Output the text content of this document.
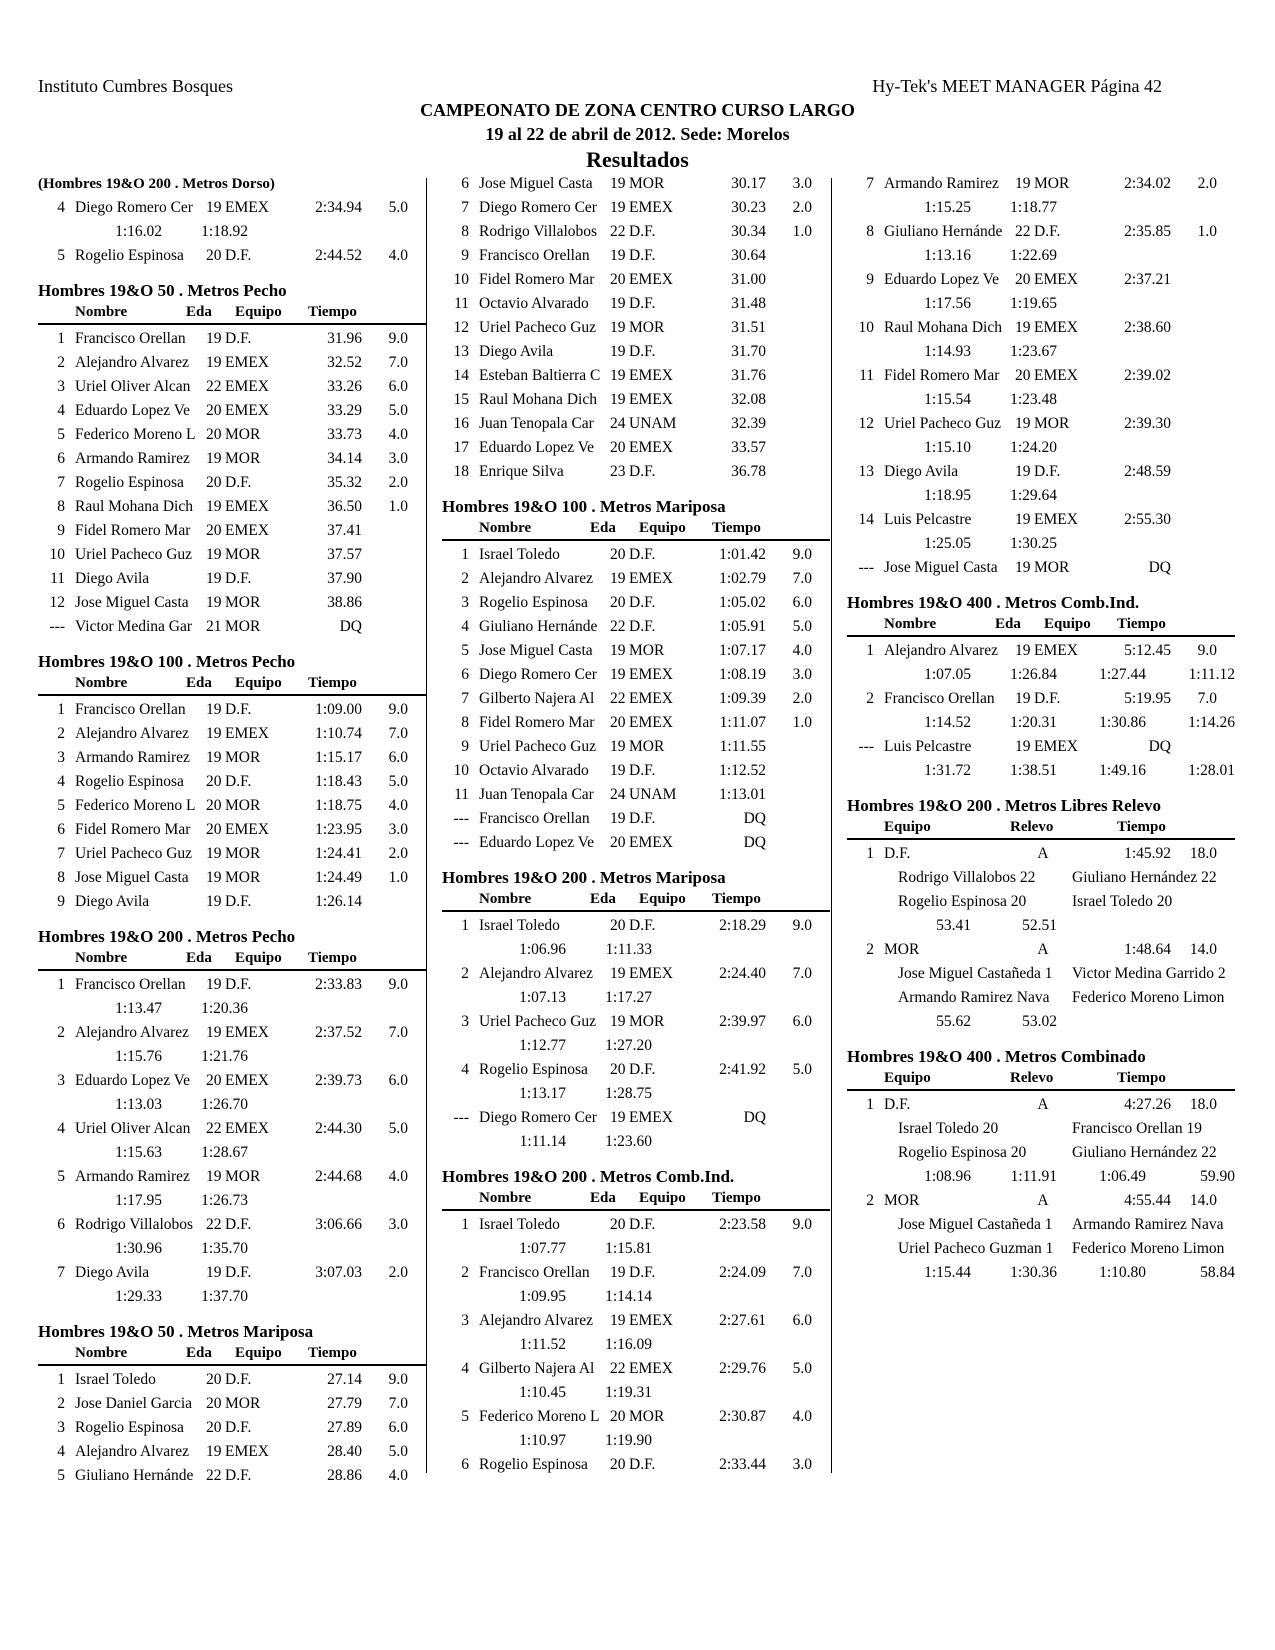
Instituto Cumbres Bosques	Hy-Tek's MEET MANAGER Página 42
CAMPEONATO DE ZONA CENTRO CURSO LARGO
19 al 22 de abril de 2012. Sede: Morelos
Resultados
(Hombres 19&O 200 . Metros Dorso)
4 Diego Romero Cer 19 EMEX	2:34.94 5.0
1:16.02	1:18.92
5 Rogelio Espinosa	20 D.F.	2:44.52 4.0
Hombres 19&O 50 . Metros Pecho
Nombre	Eda Equipo Tiempo
1 Francisco Orellan	19 D.F.	31.96 9.0
2 Alejandro Alvarez	19 EMEX	32.52 7.0
3 Uriel Oliver Alcan	22 EMEX	33.26 6.0
4 Eduardo Lopez Ve	20 EMEX	33.29 5.0
5 Federico Moreno L 20 MOR	33.73 4.0
6 Armando Ramirez	19 MOR	34.14 3.0
7 Rogelio Espinosa	20 D.F.	35.32 2.0
8 Raul Mohana Dich 19 EMEX	36.50 1.0
9 Fidel Romero Mar	20 EMEX	37.41
10 Uriel Pacheco Guz 19 MOR	37.57
11 Diego Avila	19 D.F.	37.90
12 Jose Miguel Casta	19 MOR	38.86
--- Victor Medina Gar 21 MOR	DQ
Hombres 19&O 100 . Metros Pecho
Nombre	Eda Equipo Tiempo
1 Francisco Orellan	19 D.F.	1:09.00 9.0
2 Alejandro Alvarez	19 EMEX	1:10.74 7.0
3 Armando Ramirez	19 MOR	1:15.17 6.0
4 Rogelio Espinosa	20 D.F.	1:18.43 5.0
5 Federico Moreno L 20 MOR	1:18.75 4.0
6 Fidel Romero Mar	20 EMEX	1:23.95 3.0
7 Uriel Pacheco Guz 19 MOR	1:24.41 2.0
8 Jose Miguel Casta	19 MOR	1:24.49 1.0
9 Diego Avila	19 D.F.	1:26.14
Hombres 19&O 200 . Metros Pecho
Nombre	Eda Equipo Tiempo
1 Francisco Orellan	19 D.F.	2:33.83 9.0
1:13.47	1:20.36
2 Alejandro Alvarez	19 EMEX	2:37.52 7.0
1:15.76	1:21.76
3 Eduardo Lopez Ve	20 EMEX	2:39.73 6.0
1:13.03	1:26.70
4 Uriel Oliver Alcan	22 EMEX	2:44.30 5.0
1:15.63	1:28.67
5 Armando Ramirez	19 MOR	2:44.68 4.0
1:17.95	1:26.73
6 Rodrigo Villalobos 22 D.F.	3:06.66 3.0
1:30.96	1:35.70
7 Diego Avila	19 D.F.	3:07.03 2.0
1:29.33	1:37.70
Hombres 19&O 50 . Metros Mariposa
Nombre	Eda Equipo Tiempo
1 Israel Toledo	20 D.F.	27.14 9.0
2 Jose Daniel Garcia 20 MOR	27.79 7.0
3 Rogelio Espinosa	20 D.F.	27.89 6.0
4 Alejandro Alvarez	19 EMEX	28.40 5.0
5 Giuliano Hernánde 22 D.F.	28.86 4.0
6 Jose Miguel Casta	19 MOR	30.17 3.0
7 Diego Romero Cer 19 EMEX	30.23 2.0
8 Rodrigo Villalobos 22 D.F.	30.34 1.0
9 Francisco Orellan	19 D.F.	30.64
10 Fidel Romero Mar	20 EMEX	31.00
11 Octavio Alvarado	19 D.F.	31.48
12 Uriel Pacheco Guz 19 MOR	31.51
13 Diego Avila	19 D.F.	31.70
14 Esteban Baltierra C 19 EMEX	31.76
15 Raul Mohana Dich 19 EMEX	32.08
16 Juan Tenopala Car	24 UNAM	32.39
17 Eduardo Lopez Ve	20 EMEX	33.57
18 Enrique Silva	23 D.F.	36.78
Hombres 19&O 100 . Metros Mariposa
Nombre	Eda Equipo Tiempo
1 Israel Toledo	20 D.F.	1:01.42 9.0
2 Alejandro Alvarez	19 EMEX	1:02.79 7.0
3 Rogelio Espinosa	20 D.F.	1:05.02 6.0
4 Giuliano Hernánde 22 D.F.	1:05.91 5.0
5 Jose Miguel Casta	19 MOR	1:07.17 4.0
6 Diego Romero Cer 19 EMEX	1:08.19 3.0
7 Gilberto Najera Al	22 EMEX	1:09.39 2.0
8 Fidel Romero Mar	20 EMEX	1:11.07 1.0
9 Uriel Pacheco Guz 19 MOR	1:11.55
10 Octavio Alvarado	19 D.F.	1:12.52
11 Juan Tenopala Car	24 UNAM	1:13.01
--- Francisco Orellan	19 D.F.	DQ
--- Eduardo Lopez Ve	20 EMEX	DQ
Hombres 19&O 200 . Metros Mariposa
Nombre	Eda Equipo Tiempo
1 Israel Toledo	20 D.F.	2:18.29 9.0
1:06.96	1:11.33
2 Alejandro Alvarez	19 EMEX	2:24.40 7.0
1:07.13	1:17.27
3 Uriel Pacheco Guz 19 MOR	2:39.97 6.0
1:12.77	1:27.20
4 Rogelio Espinosa	20 D.F.	2:41.92 5.0
1:13.17	1:28.75
--- Diego Romero Cer 19 EMEX	DQ
1:11.14	1:23.60
Hombres 19&O 200 . Metros Comb.Ind.
Nombre	Eda Equipo Tiempo
1 Israel Toledo	20 D.F.	2:23.58 9.0
1:07.77	1:15.81
2 Francisco Orellan	19 D.F.	2:24.09 7.0
1:09.95	1:14.14
3 Alejandro Alvarez	19 EMEX	2:27.61 6.0
1:11.52	1:16.09
4 Gilberto Najera Al	22 EMEX	2:29.76 5.0
1:10.45	1:19.31
5 Federico Moreno L 20 MOR	2:30.87 4.0
1:10.97	1:19.90
6 Rogelio Espinosa	20 D.F.	2:33.44 3.0
7 Armando Ramirez	19 MOR	2:34.02 2.0
1:15.25	1:18.77
8 Giuliano Hernánde 22 D.F.	2:35.85 1.0
1:13.16	1:22.69
9 Eduardo Lopez Ve	20 EMEX	2:37.21
1:17.56	1:19.65
10 Raul Mohana Dich 19 EMEX	2:38.60
1:14.93	1:23.67
11 Fidel Romero Mar	20 EMEX	2:39.02
1:15.54	1:23.48
12 Uriel Pacheco Guz 19 MOR	2:39.30
1:15.10	1:24.20
13 Diego Avila	19 D.F.	2:48.59
1:18.95	1:29.64
14 Luis Pelcastre	19 EMEX	2:55.30
1:25.05	1:30.25
--- Jose Miguel Casta	19 MOR	DQ
Hombres 19&O 400 . Metros Comb.Ind.
Nombre	Eda Equipo Tiempo
1 Alejandro Alvarez	19 EMEX	5:12.45 9.0
1:07.05	1:26.84	1:27.44	1:11.12
2 Francisco Orellan	19 D.F.	5:19.95 7.0
1:14.52	1:20.31	1:30.86	1:14.26
--- Luis Pelcastre	19 EMEX	DQ
1:31.72	1:38.51	1:49.16	1:28.01
Hombres 19&O 200 . Metros Libres Relevo
Equipo	Relevo	Tiempo
1 D.F.	A	1:45.92 18.0
Rodrigo Villalobos 22	Giuliano Hernández 22
Rogelio Espinosa 20	Israel Toledo 20
53.41	52.51
2 MOR	A	1:48.64 14.0
Jose Miguel Castañeda 1	Victor Medina Garrido 2
Armando Ramirez Nava	Federico Moreno Limon
55.62	53.02
Hombres 19&O 400 . Metros Combinado
Equipo	Relevo	Tiempo
1 D.F.	A	4:27.26 18.0
Israel Toledo 20	Francisco Orellan 19
Rogelio Espinosa 20	Giuliano Hernández 22
1:08.96	1:11.91	1:06.49	59.90
2 MOR	A	4:55.44 14.0
Jose Miguel Castañeda 1	Armando Ramirez Nava
Uriel Pacheco Guzman 1	Federico Moreno Limon
1:15.44	1:30.36	1:10.80	58.84
